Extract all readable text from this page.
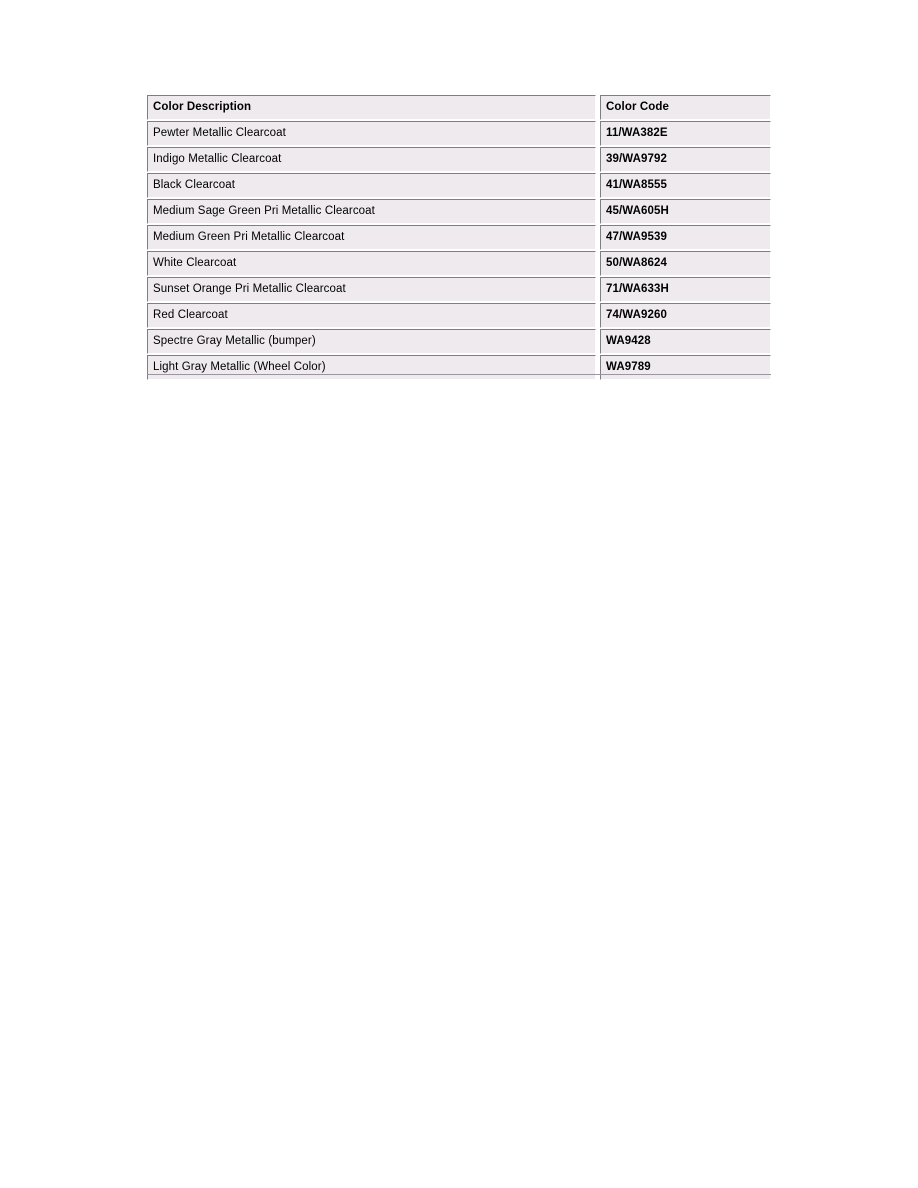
Color Description	Color Code
Pewter Metallic Clearcoat	11/WA382E
Indigo Metallic Clearcoat	39/WA9792
Black Clearcoat	41/WA8555
Medium Sage Green Pri Metallic Clearcoat	45/WA605H
Medium Green Pri Metallic Clearcoat	47/WA9539
White Clearcoat	50/WA8624
Sunset Orange Pri Metallic Clearcoat	71/WA633H
Red Clearcoat	74/WA9260
Spectre Gray Metallic (bumper)	WA9428
Light Gray Metallic (Wheel Color)	WA9789
